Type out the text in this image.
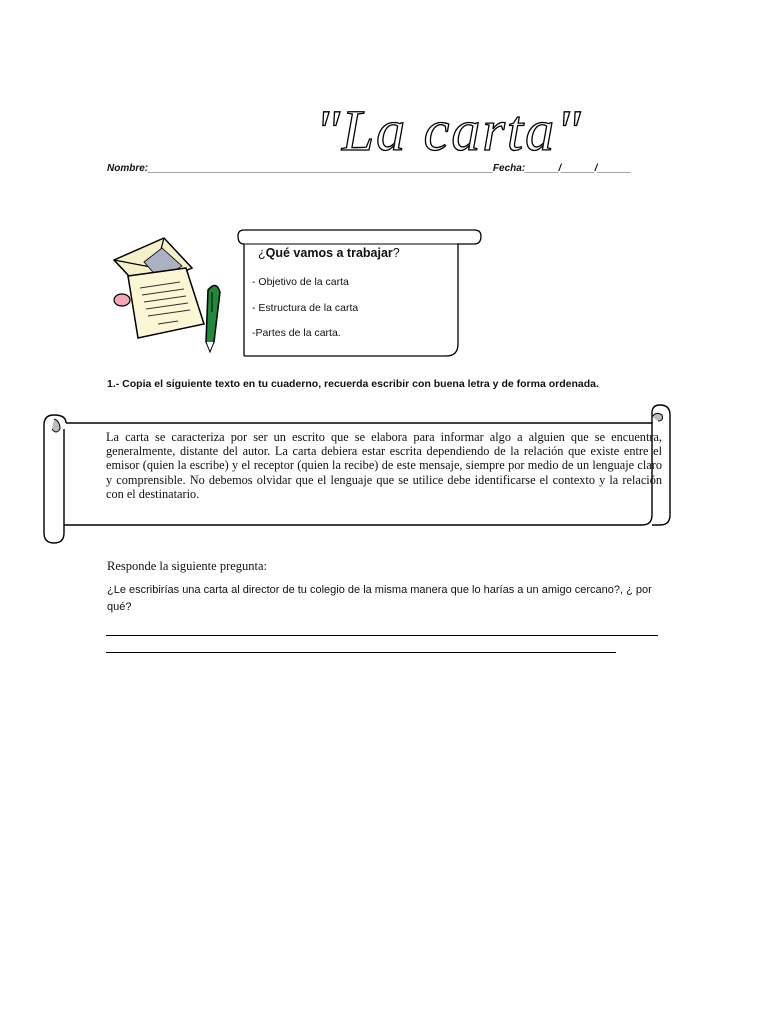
"La carta"
Nombre:______________________________________________________________Fecha:______/______/______
¿Qué vamos a trabajar?
- Objetivo de la carta
- Estructura de la carta
-Partes de la carta.
1.- Copia el siguiente texto en tu cuaderno, recuerda escribir con buena letra y de forma ordenada.
La carta se caracteriza por ser un escrito que se elabora para informar algo a alguien que se encuentra, generalmente, distante del autor. La carta debiera estar escrita dependiendo de la relación que existe entre el emisor (quien la escribe) y el receptor (quien la recibe) de este mensaje, siempre por medio de un lenguaje claro y comprensible. No debemos olvidar que el lenguaje que se utilice debe identificarse el contexto y la relación con el destinatario.
Responde la siguiente pregunta:
¿Le escribirías una carta al director de tu colegio de la misma manera que lo harías a un amigo cercano?, ¿ por qué?
